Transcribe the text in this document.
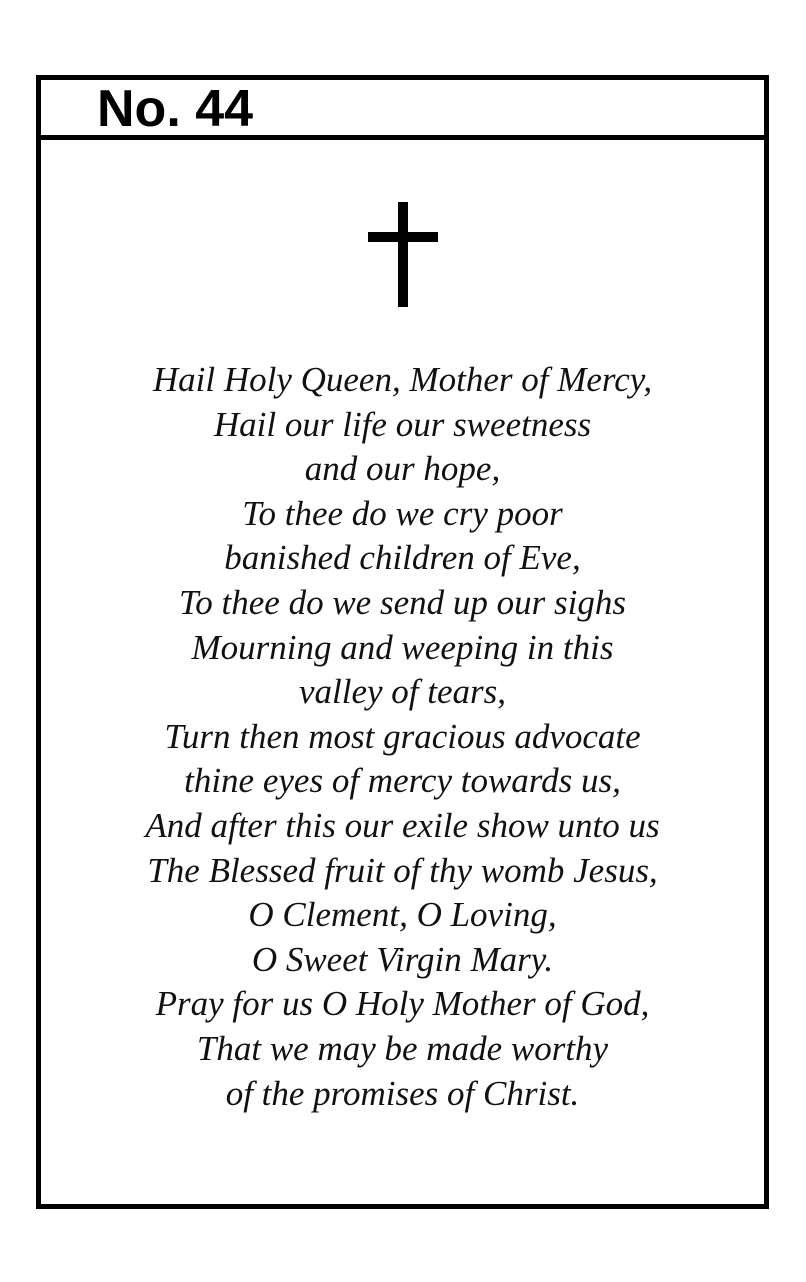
No. 44
Hail Holy Queen, Mother of Mercy,
Hail our life our sweetness
and our hope,
To thee do we cry poor
banished children of Eve,
To thee do we send up our sighs
Mourning and weeping in this
valley of tears,
Turn then most gracious advocate
thine eyes of mercy towards us,
And after this our exile show unto us
The Blessed fruit of thy womb Jesus,
O Clement, O Loving,
O Sweet Virgin Mary.
Pray for us O Holy Mother of God,
That we may be made worthy
of the promises of Christ.
